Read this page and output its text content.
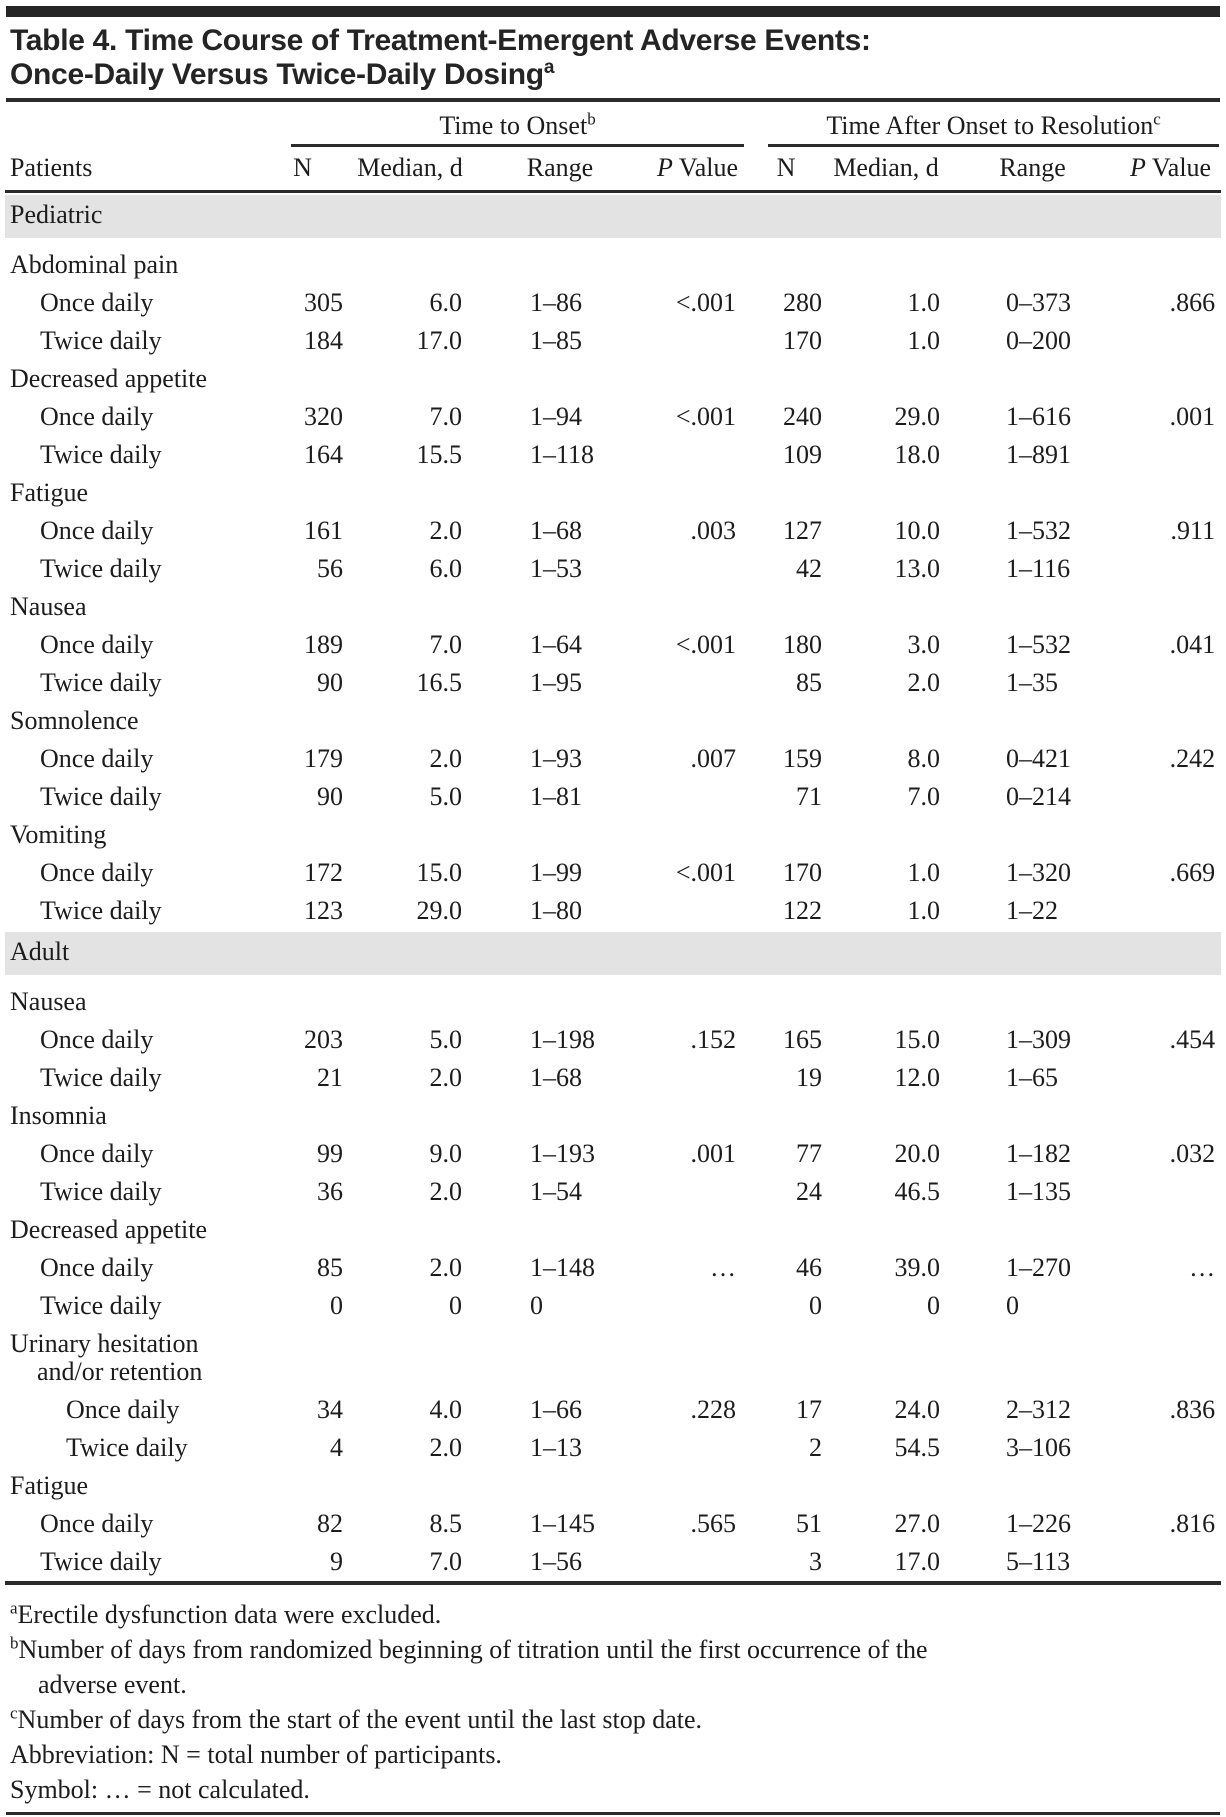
Table 4. Time Course of Treatment-Emergent Adverse Events:
Once-Daily Versus Twice-Daily Dosing$^a$

	Time to Onset$^b$				Time After Onset to Resolution$^c$

Patients	N	Median, d	Range	P Value	N	Median, d	Range	P Value

Pediatric								

Abdominal pain								

Once daily	305	6.0	1–86	<.001	280	1.0	0–373	.866
Twice daily	184	17.0	1–85		170	1.0	0–200	

Decreased appetite								

Once daily	320	7.0	1–94	<.001	240	29.0	1–616	.001
Twice daily	164	15.5	1–118		109	18.0	1–891	

Fatigue								

Once daily	161	2.0	1–68	.003	127	10.0	1–532	.911
Twice daily	56	6.0	1–53		42	13.0	1–116	

Nausea								

Once daily	189	7.0	1–64	<.001	180	3.0	1–532	.041
Twice daily	90	16.5	1–95		85	2.0	1–35	

Somnolence								

Once daily	179	2.0	1–93	.007	159	8.0	0–421	.242
Twice daily	90	5.0	1–81		71	7.0	0–214	

Vomiting								

Once daily	172	15.0	1–99	<.001	170	1.0	1–320	.669
Twice daily	123	29.0	1–80		122	1.0	1–22	

Adult								

Nausea								

Once daily	203	5.0	1–198	.152	165	15.0	1–309	.454
Twice daily	21	2.0	1–68		19	12.0	1–65	

Insomnia								

Once daily	99	9.0	1–193	.001	77	20.0	1–182	.032
Twice daily	36	2.0	1–54		24	46.5	1–135	

Decreased appetite								

Once daily	85	2.0	1–148	…	46	39.0	1–270	…
Twice daily	0	0	0		0	0	0	

Urinary hesitation
and/or retention								

Once daily	34	4.0	1–66	.228	17	24.0	2–312	.836
Twice daily	4	2.0	1–13		2	54.5	3–106	

Fatigue								

Once daily	82	8.5	1–145	.565	51	27.0	1–226	.816
Twice daily	9	7.0	1–56		3	17.0	5–113	
$^a$Erectile dysfunction data were excluded.
$^b$Number of days from randomized beginning of titration until the first occurrence of the
adverse event.
$^c$Number of days from the start of the event until the last stop date.
Abbreviation: N = total number of participants.
Symbol: … = not calculated.
